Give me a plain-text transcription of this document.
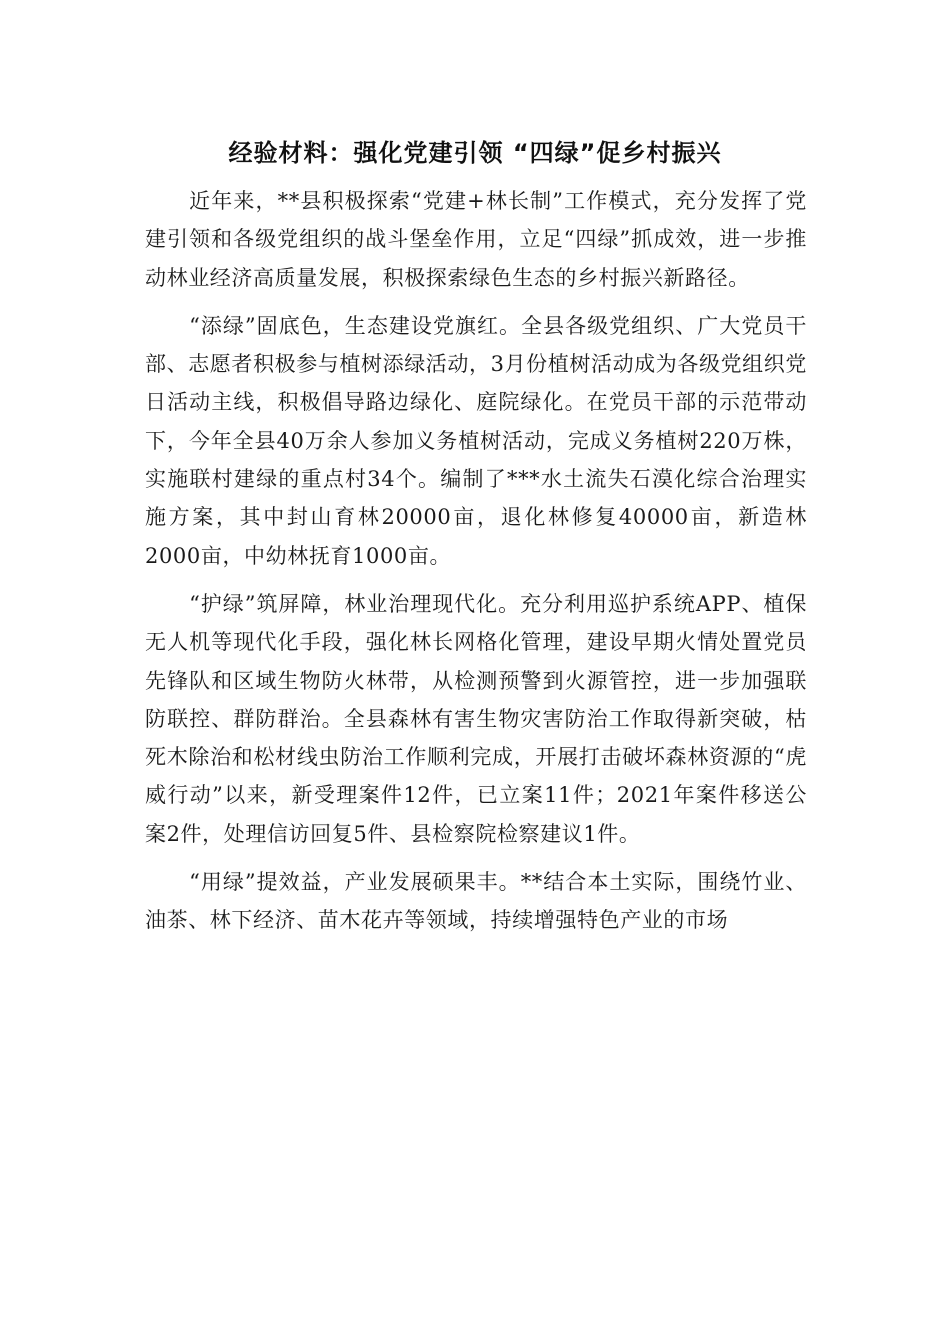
经验材料：强化党建引领 “四绿”促乡村振兴

近年来，**县积极探索“党建+林长制”工作模式，充分发挥了党建引领和各级党组织的战斗堡垒作用，立足“四绿”抓成效，进一步推动林业经济高质量发展，积极探索绿色生态的乡村振兴新路径。

“添绿”固底色，生态建设党旗红。全县各级党组织、广大党员干部、志愿者积极参与植树添绿活动，3月份植树活动成为各级党组织党日活动主线，积极倡导路边绿化、庭院绿化。在党员干部的示范带动下，今年全县40万余人参加义务植树活动，完成义务植树220万株，实施联村建绿的重点村34个。编制了***水土流失石漠化综合治理实施方案，其中封山育林20000亩，退化林修复40000亩，新造林2000亩，中幼林抚育1000亩。

“护绿”筑屏障，林业治理现代化。充分利用巡护系统APP、植保无人机等现代化手段，强化林长网格化管理，建设早期火情处置党员先锋队和区域生物防火林带，从检测预警到火源管控，进一步加强联防联控、群防群治。全县森林有害生物灾害防治工作取得新突破，枯死木除治和松材线虫防治工作顺利完成，开展打击破坏森林资源的“虎威行动”以来，新受理案件12件，已立案11件；2021年案件移送公案2件，处理信访回复5件、县检察院检察建议1件。

“用绿”提效益，产业发展硕果丰。**结合本土实际，围绕竹业、油茶、林下经济、苗木花卉等领域，持续增强特色产业的市场
